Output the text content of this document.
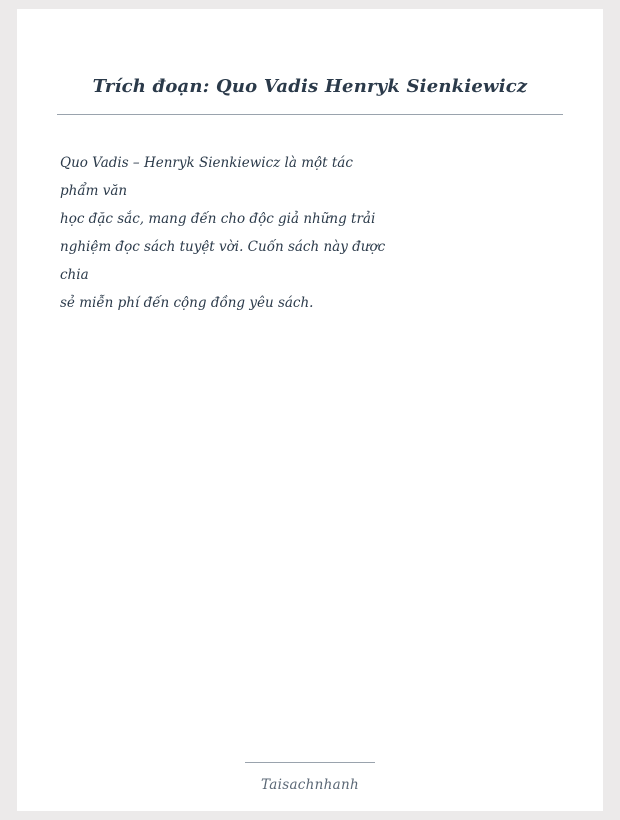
Trích đoạn: Quo Vadis Henryk Sienkiewicz
Quo Vadis – Henryk Sienkiewicz là một tác
phẩm văn
học đặc sắc, mang đến cho độc giả những trải
nghiệm đọc sách tuyệt vời. Cuốn sách này được
chia
sẻ miễn phí đến cộng đồng yêu sách.
Taisachnhanh
